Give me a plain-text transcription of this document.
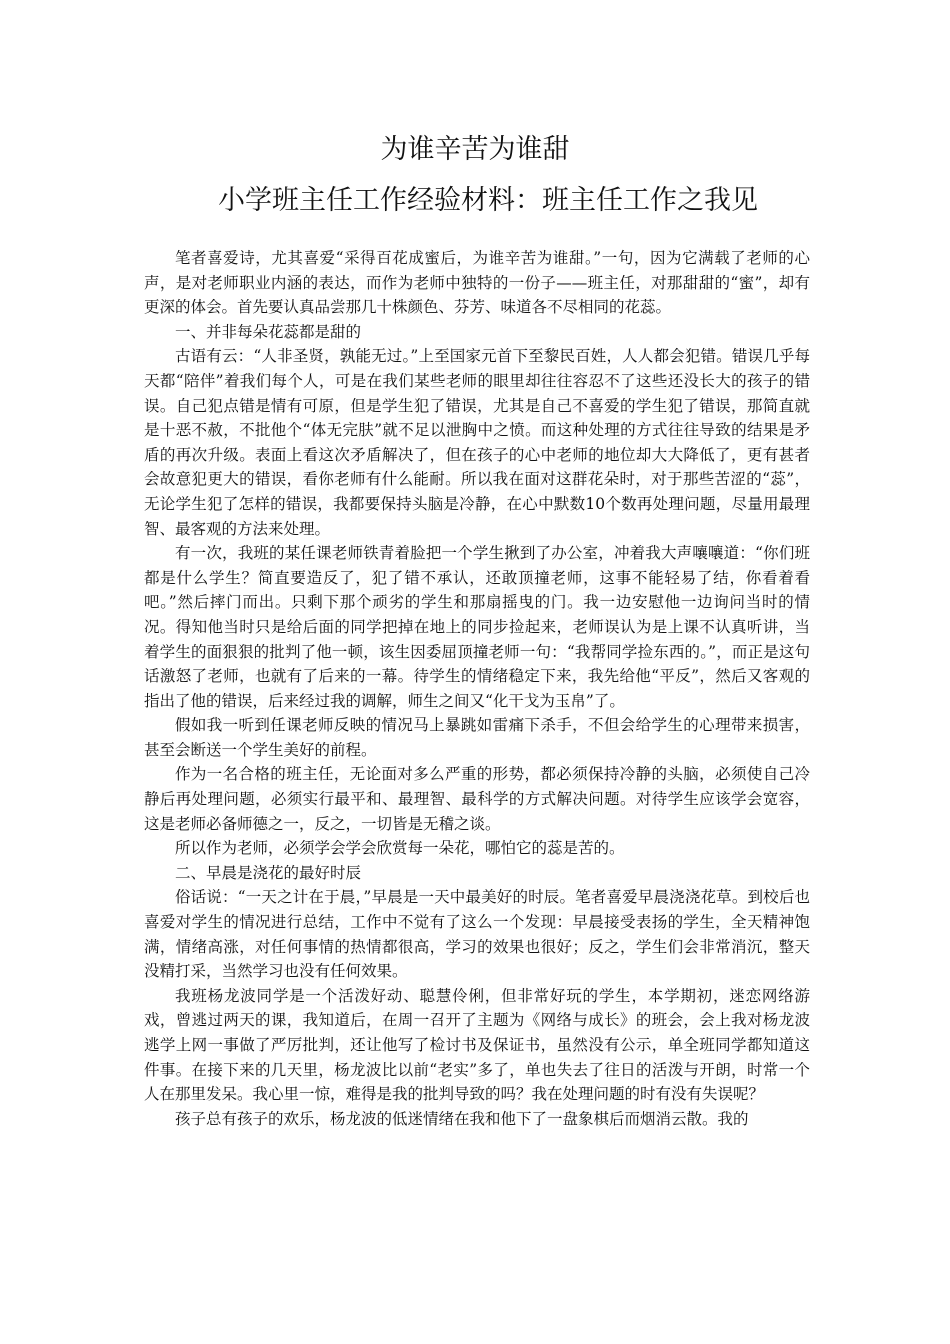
为谁辛苦为谁甜
小学班主任工作经验材料：班主任工作之我见

笔者喜爱诗，尤其喜爱“采得百花成蜜后，为谁辛苦为谁甜。”一句，因为它满载了老师的心声，是对老师职业内涵的表达，而作为老师中独特的一份子——班主任，对那甜甜的“蜜”，却有更深的体会。首先要认真品尝那几十株颜色、芬芳、味道各不尽相同的花蕊。

一、并非每朵花蕊都是甜的

古语有云：“人非圣贤，孰能无过。”上至国家元首下至黎民百姓，人人都会犯错。错误几乎每天都“陪伴”着我们每个人，可是在我们某些老师的眼里却往往容忍不了这些还没长大的孩子的错误。自己犯点错是情有可原，但是学生犯了错误，尤其是自己不喜爱的学生犯了错误，那简直就是十恶不赦，不批他个“体无完肤”就不足以泄胸中之愤。而这种处理的方式往往导致的结果是矛盾的再次升级。表面上看这次矛盾解决了，但在孩子的心中老师的地位却大大降低了，更有甚者会故意犯更大的错误，看你老师有什么能耐。所以我在面对这群花朵时，对于那些苦涩的“蕊”，无论学生犯了怎样的错误，我都要保持头脑是冷静，在心中默数10个数再处理问题，尽量用最理智、最客观的方法来处理。

有一次，我班的某任课老师铁青着脸把一个学生揪到了办公室，冲着我大声嚷嚷道：“你们班都是什么学生？简直要造反了，犯了错不承认，还敢顶撞老师，这事不能轻易了结，你看着看吧。”然后摔门而出。只剩下那个顽劣的学生和那扇摇曳的门。我一边安慰他一边询问当时的情况。得知他当时只是给后面的同学把掉在地上的同步捡起来，老师误认为是上课不认真听讲，当着学生的面狠狠的批判了他一顿，该生因委屈顶撞老师一句：“我帮同学捡东西的。”，而正是这句话激怒了老师，也就有了后来的一幕。待学生的情绪稳定下来，我先给他“平反”，然后又客观的指出了他的错误，后来经过我的调解，师生之间又“化干戈为玉帛”了。

假如我一听到任课老师反映的情况马上暴跳如雷痛下杀手，不但会给学生的心理带来损害，甚至会断送一个学生美好的前程。

作为一名合格的班主任，无论面对多么严重的形势，都必须保持冷静的头脑，必须使自己冷静后再处理问题，必须实行最平和、最理智、最科学的方式解决问题。对待学生应该学会宽容，这是老师必备师德之一，反之，一切皆是无稽之谈。

所以作为老师，必须学会学会欣赏每一朵花，哪怕它的蕊是苦的。

二、早晨是浇花的最好时辰

俗话说：“一天之计在于晨，”早晨是一天中最美好的时辰。笔者喜爱早晨浇浇花草。到校后也喜爱对学生的情况进行总结，工作中不觉有了这么一个发现：早晨接受表扬的学生，全天精神饱满，情绪高涨，对任何事情的热情都很高，学习的效果也很好；反之，学生们会非常消沉，整天没精打采，当然学习也没有任何效果。

我班杨龙波同学是一个活泼好动、聪慧伶俐，但非常好玩的学生，本学期初，迷恋网络游戏，曾逃过两天的课，我知道后，在周一召开了主题为《网络与成长》的班会，会上我对杨龙波逃学上网一事做了严厉批判，还让他写了检讨书及保证书，虽然没有公示，单全班同学都知道这件事。在接下来的几天里，杨龙波比以前“老实”多了，单也失去了往日的活泼与开朗，时常一个人在那里发呆。我心里一惊，难得是我的批判导致的吗？我在处理问题的时有没有失误呢？

孩子总有孩子的欢乐，杨龙波的低迷情绪在我和他下了一盘象棋后而烟消云散。我的
